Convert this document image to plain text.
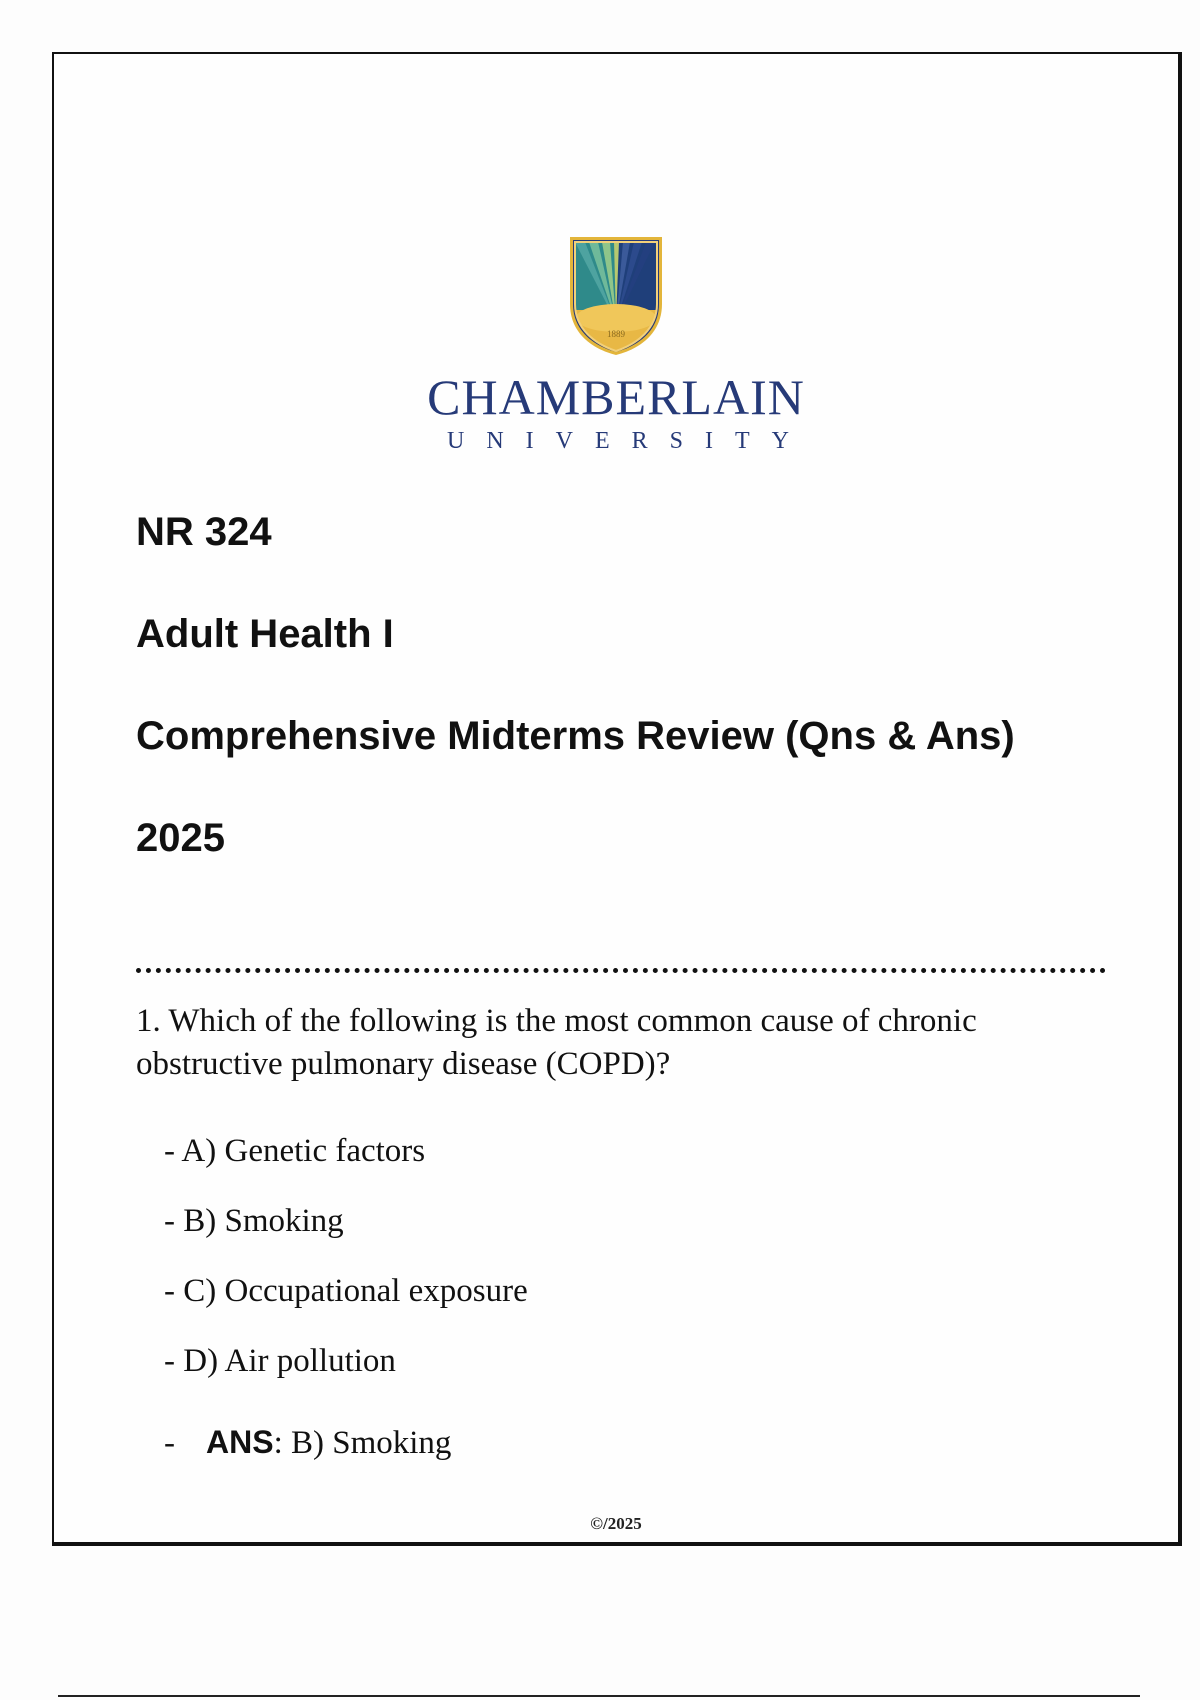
1889
CHAMBERLAIN
UNIVERSITY
NR 324
Adult Health I
Comprehensive Midterms Review (Qns & Ans)
2025
1. Which of the following is the most common cause of chronic obstructive pulmonary disease (COPD)?
- A) Genetic factors
- B) Smoking
- C) Occupational exposure
- D) Air pollution
- ANS: B) Smoking
©/2025
